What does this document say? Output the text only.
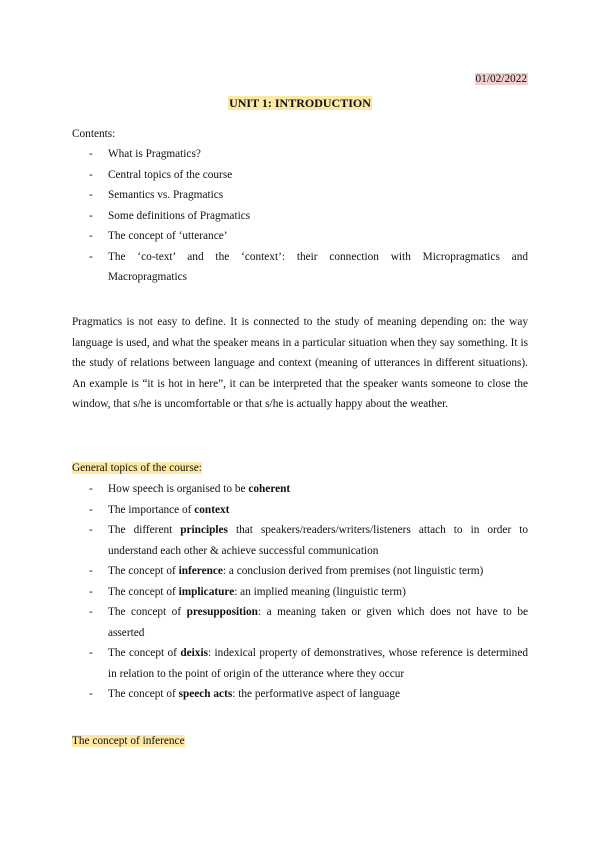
01/02/2022
UNIT 1: INTRODUCTION
Contents:
- What is Pragmatics?
- Central topics of the course
- Semantics vs. Pragmatics
- Some definitions of Pragmatics
- The concept of ‘utterance’
- The ‘co-text’ and the ‘context’: their connection with Micropragmatics and Macropragmatics

Pragmatics is not easy to define. It is connected to the study of meaning depending on: the way language is used, and what the speaker means in a particular situation when they say something. It is the study of relations between language and context (meaning of utterances in different situations). An example is “it is hot in here”, it can be interpreted that the speaker wants someone to close the window, that s/he is uncomfortable or that s/he is actually happy about the weather.

General topics of the course:
- How speech is organised to be coherent
- The importance of context
- The different principles that speakers/readers/writers/listeners attach to in order to understand each other & achieve successful communication
- The concept of inference: a conclusion derived from premises (not linguistic term)
- The concept of implicature: an implied meaning (linguistic term)
- The concept of presupposition: a meaning taken or given which does not have to be asserted
- The concept of deixis: indexical property of demonstratives, whose reference is determined in relation to the point of origin of the utterance where they occur
- The concept of speech acts: the performative aspect of language
The concept of inference
